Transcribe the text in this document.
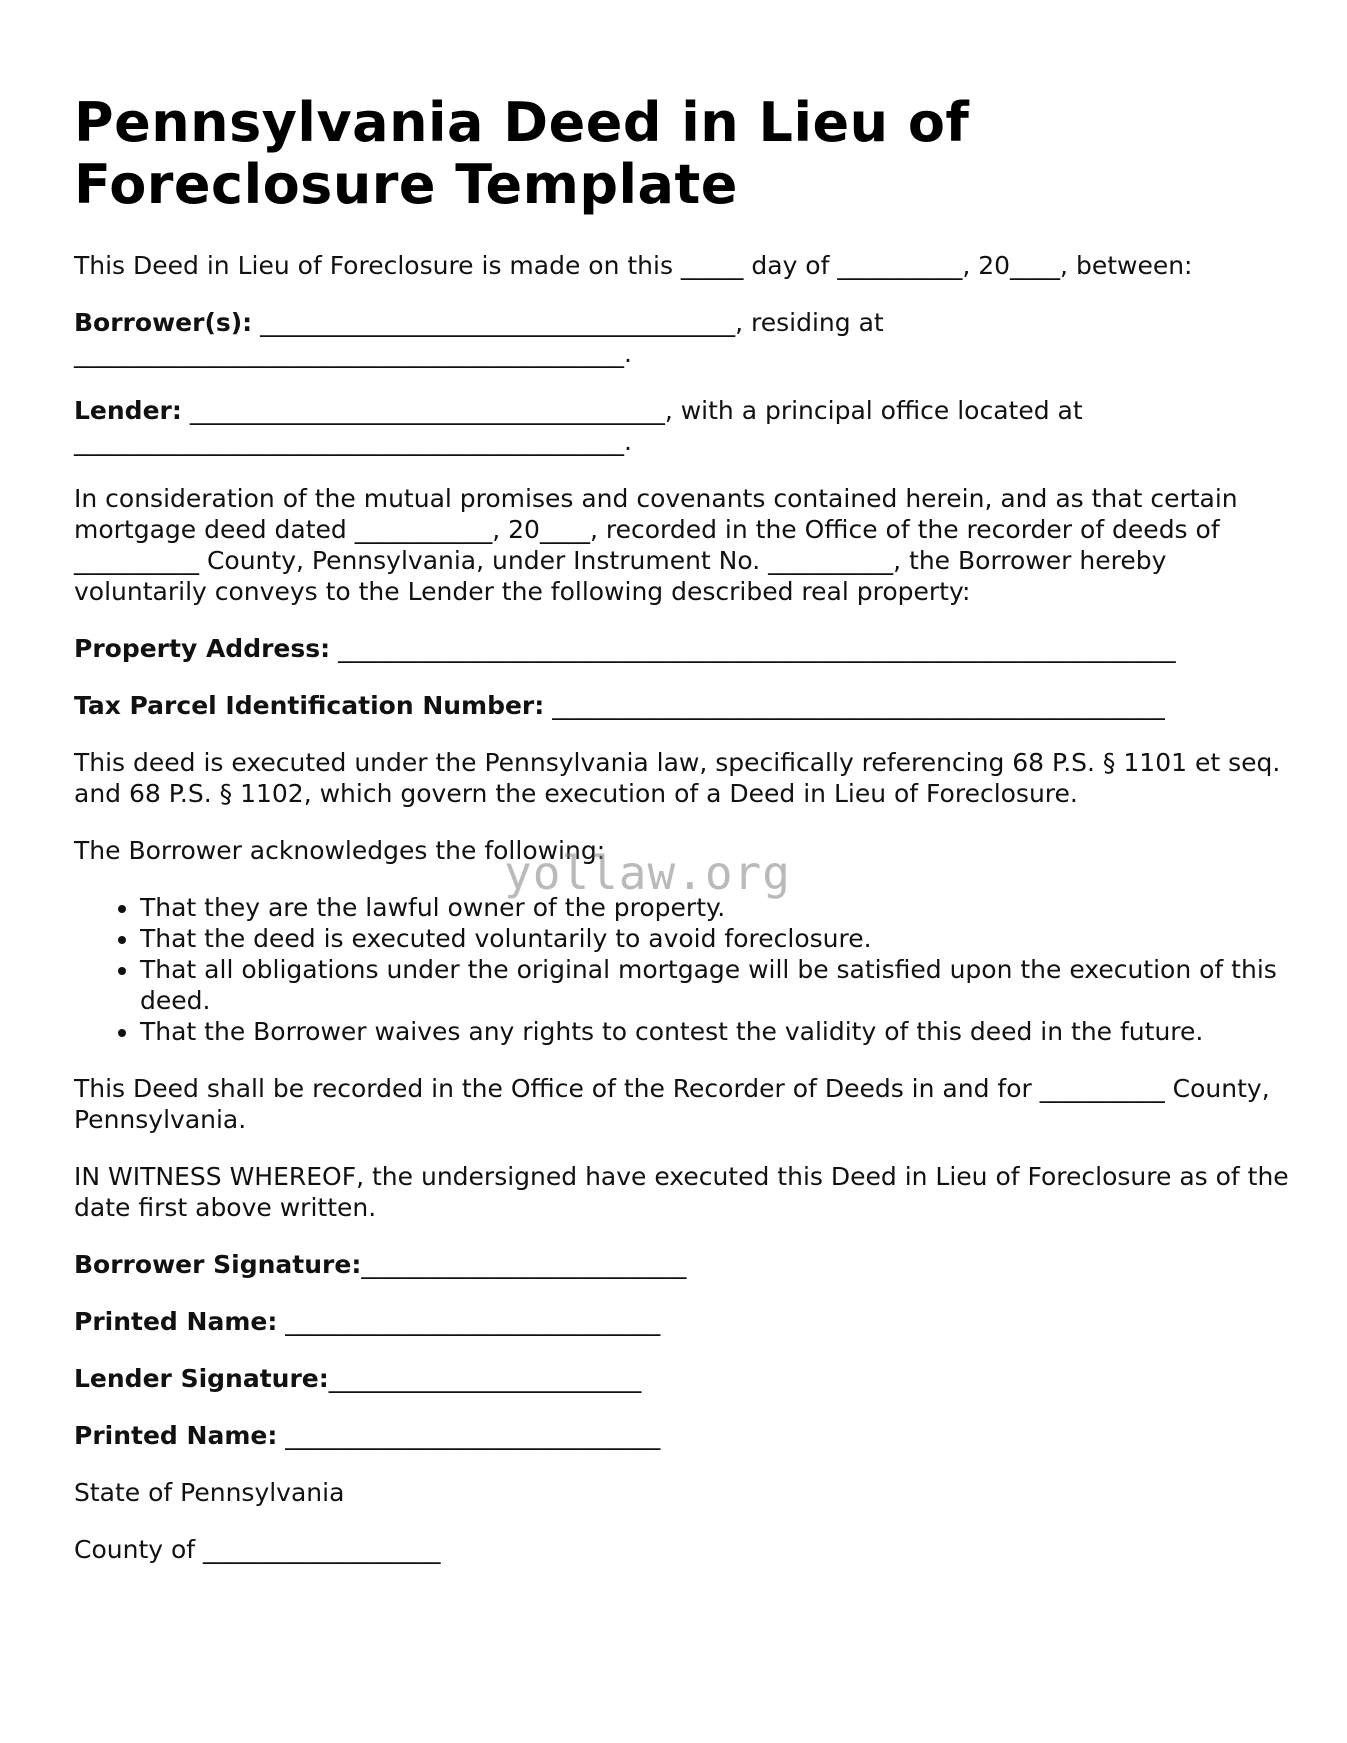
Pennsylvania Deed in Lieu of Foreclosure Template

This Deed in Lieu of Foreclosure is made on this _____ day of __________, 20____, between:

Borrower(s): ______________________________________, residing at ____________________________________________.

Lender: ______________________________________, with a principal office located at ____________________________________________.

In consideration of the mutual promises and covenants contained herein, and as that certain mortgage deed dated ___________, 20____, recorded in the Office of the recorder of deeds of __________ County, Pennsylvania, under Instrument No. __________, the Borrower hereby voluntarily conveys to the Lender the following described real property:

Property Address: ___________________________________________________________________

Tax Parcel Identification Number: _________________________________________________

This deed is executed under the Pennsylvania law, specifically referencing 68 P.S. § 1101 et seq. and 68 P.S. § 1102, which govern the execution of a Deed in Lieu of Foreclosure.

The Borrower acknowledges the following:

• That they are the lawful owner of the property.
• That the deed is executed voluntarily to avoid foreclosure.
• That all obligations under the original mortgage will be satisfied upon the execution of this deed.
• That the Borrower waives any rights to contest the validity of this deed in the future.

This Deed shall be recorded in the Office of the Recorder of Deeds in and for __________ County, Pennsylvania.

IN WITNESS WHEREOF, the undersigned have executed this Deed in Lieu of Foreclosure as of the date first above written.

Borrower Signature:__________________________

Printed Name: ______________________________

Lender Signature:_________________________

Printed Name: ______________________________

State of Pennsylvania

County of ___________________

yollaw.org
